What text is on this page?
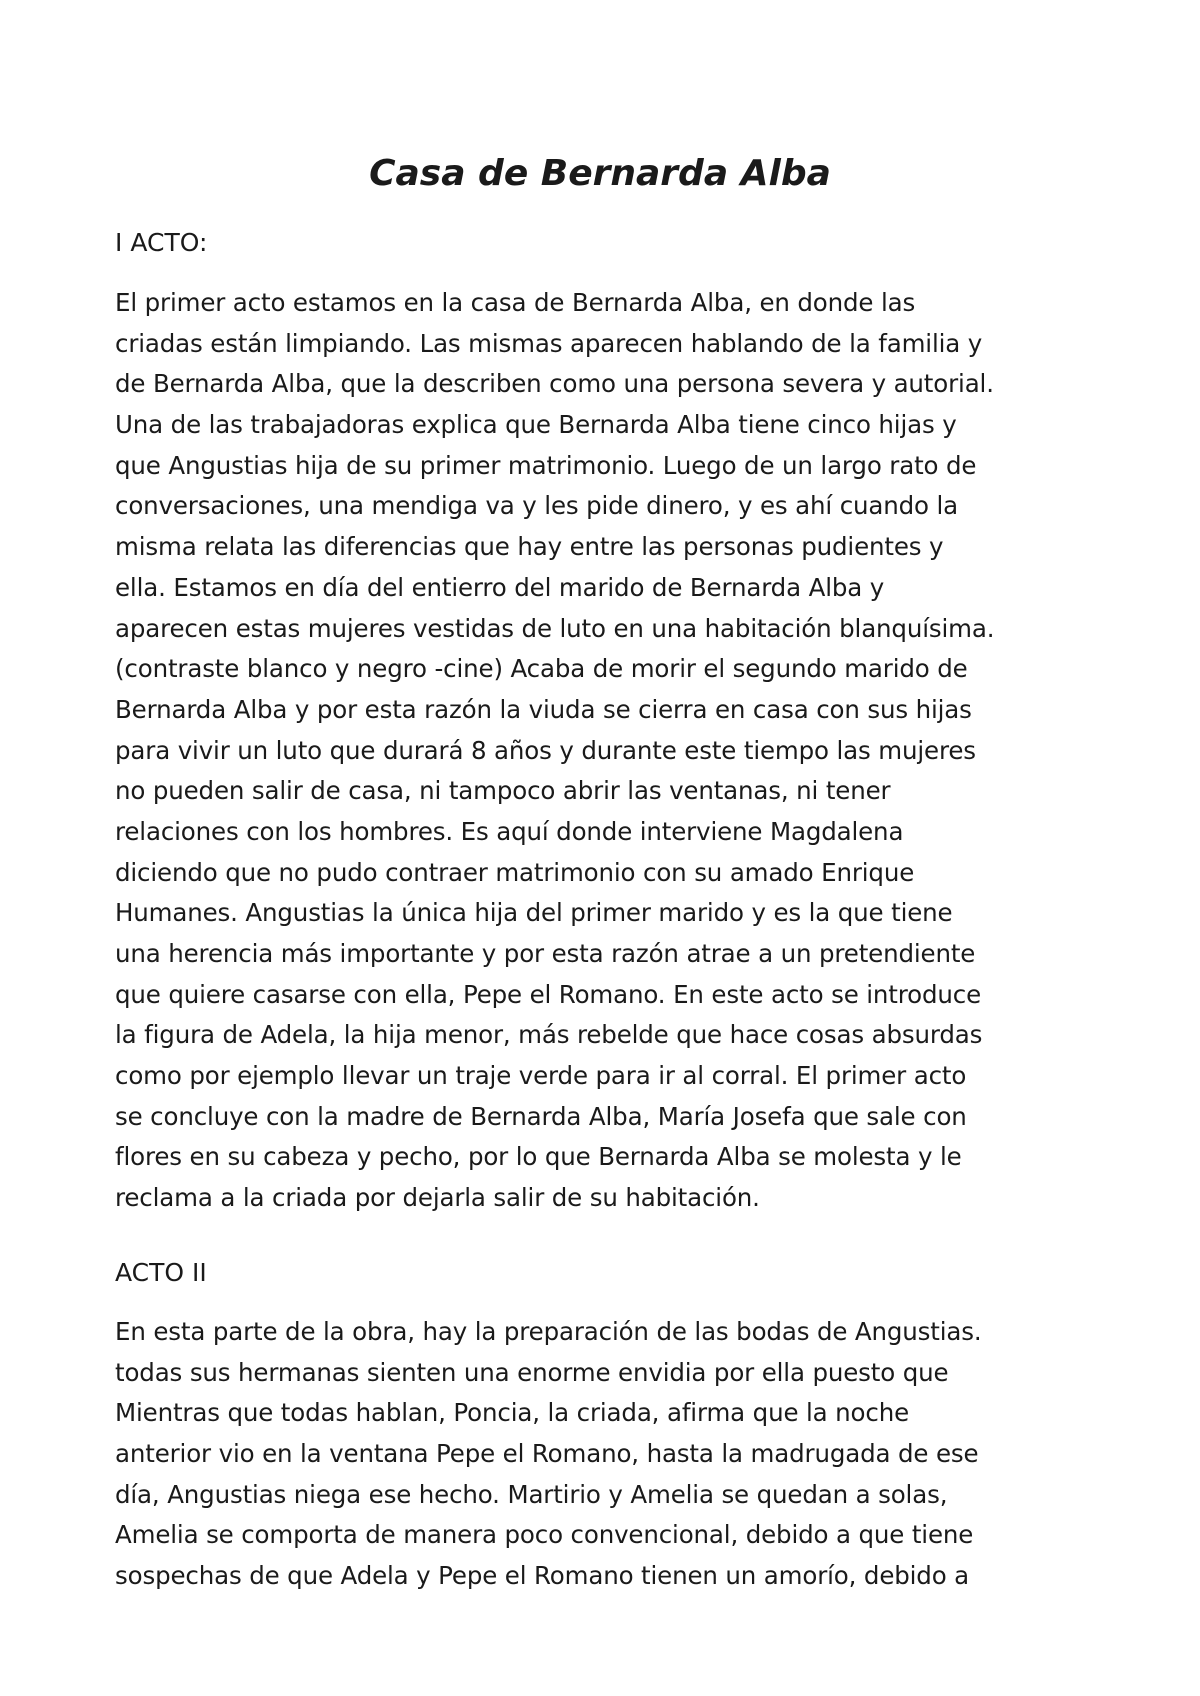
Casa de Bernarda Alba
I ACTO:
El primer acto estamos en la casa de Bernarda Alba, en donde las
criadas están limpiando. Las mismas aparecen hablando de la familia y
de Bernarda Alba, que la describen como una persona severa y autorial.
Una de las trabajadoras explica que Bernarda Alba tiene cinco hijas y
que Angustias hija de su primer matrimonio. Luego de un largo rato de
conversaciones, una mendiga va y les pide dinero, y es ahí cuando la
misma relata las diferencias que hay entre las personas pudientes y
ella. Estamos en día del entierro del marido de Bernarda Alba y
aparecen estas mujeres vestidas de luto en una habitación blanquísima.
(contraste blanco y negro -cine) Acaba de morir el segundo marido de
Bernarda Alba y por esta razón la viuda se cierra en casa con sus hijas
para vivir un luto que durará 8 años y durante este tiempo las mujeres
no pueden salir de casa, ni tampoco abrir las ventanas, ni tener
relaciones con los hombres. Es aquí donde interviene Magdalena
diciendo que no pudo contraer matrimonio con su amado Enrique
Humanes. Angustias la única hija del primer marido y es la que tiene
una herencia más importante y por esta razón atrae a un pretendiente
que quiere casarse con ella, Pepe el Romano. En este acto se introduce
la figura de Adela, la hija menor, más rebelde que hace cosas absurdas
como por ejemplo llevar un traje verde para ir al corral. El primer acto
se concluye con la madre de Bernarda Alba, María Josefa que sale con
flores en su cabeza y pecho, por lo que Bernarda Alba se molesta y le
reclama a la criada por dejarla salir de su habitación.
ACTO II
En esta parte de la obra, hay la preparación de las bodas de Angustias.
todas sus hermanas sienten una enorme envidia por ella puesto que
Mientras que todas hablan, Poncia, la criada, afirma que la noche
anterior vio en la ventana Pepe el Romano, hasta la madrugada de ese
día, Angustias niega ese hecho. Martirio y Amelia se quedan a solas,
Amelia se comporta de manera poco convencional, debido a que tiene
sospechas de que Adela y Pepe el Romano tienen un amorío, debido a
